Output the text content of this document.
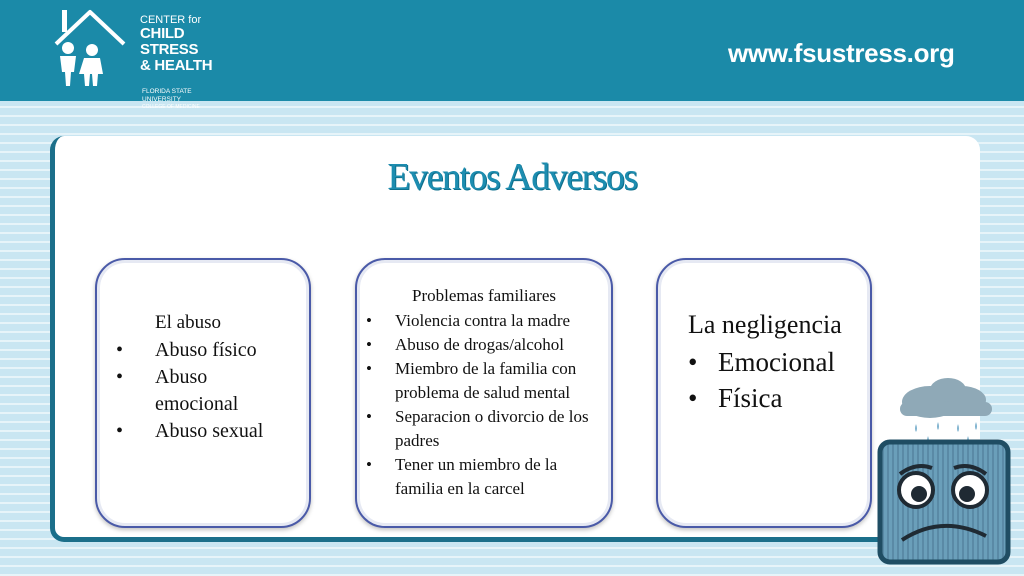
CENTER for
CHILD STRESS
& HEALTH
FLORIDA STATE UNIVERSITY
COLLEGE OF MEDICINE
www.fsustress.org
Eventos Adversos
El abuso
• Abuso físico
• Abuso emocional
• Abuso sexual
Problemas familiares
• Violencia contra la madre
• Abuso de drogas/alcohol
• Miembro de la familia con problema de salud mental
• Separacion o divorcio de los padres
• Tener un miembro de la familia en la carcel
La negligencia
• Emocional
• Física
